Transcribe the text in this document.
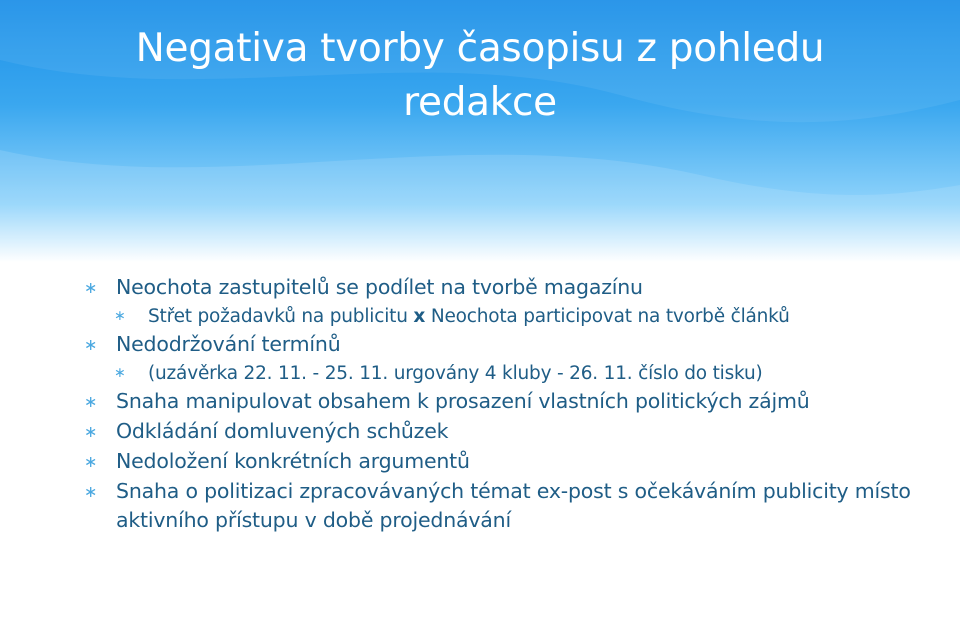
Negativa tvorby časopisu z pohledu
redakce
∗ Neochota zastupitelů se podílet na tvorbě magazínu
∗ Střet požadavků na publicitu x Neochota participovat na tvorbě článků
∗ Nedodržování termínů
∗ (uzávěrka 22. 11. - 25. 11. urgovány 4 kluby - 26. 11. číslo do tisku)
∗ Snaha manipulovat obsahem k prosazení vlastních politických zájmů
∗ Odkládání domluvených schůzek
∗ Nedoložení konkrétních argumentů
∗ Snaha o politizaci zpracovávaných témat ex-post s očekáváním publicity místo aktivního přístupu v době projednávání
